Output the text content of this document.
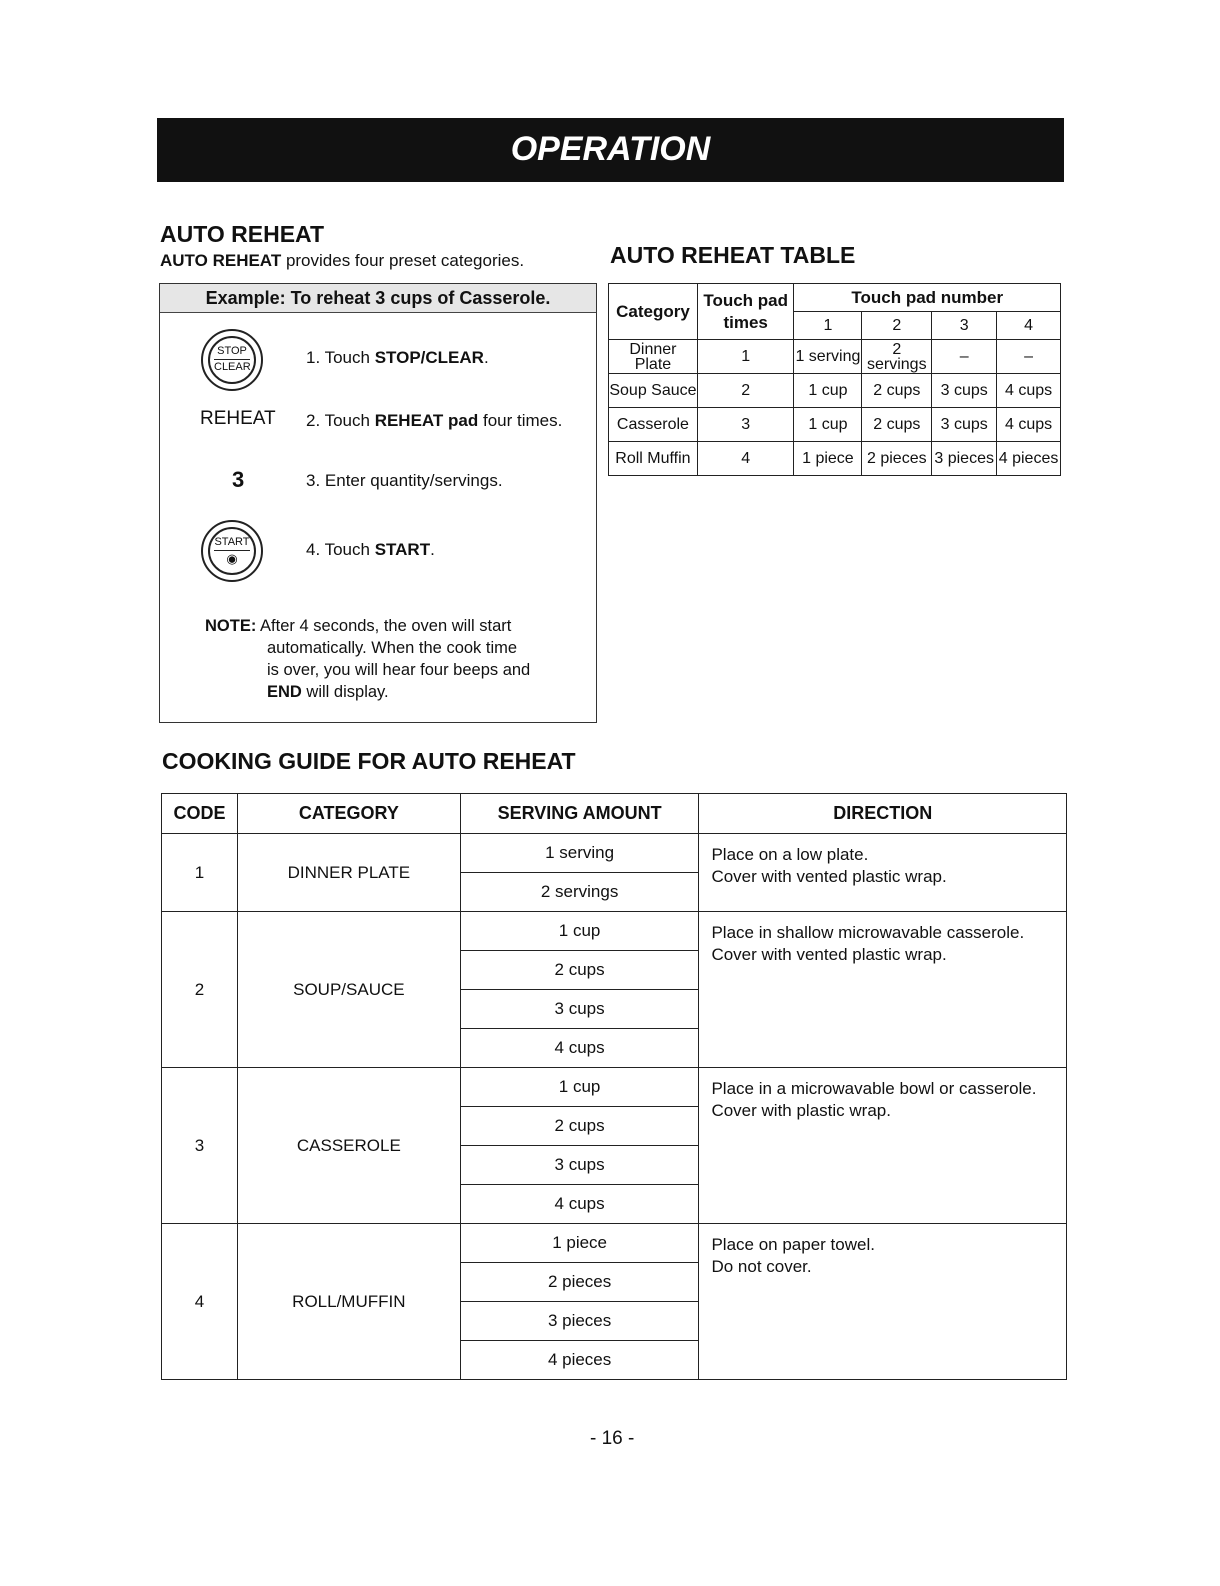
OPERATION
AUTO REHEAT
AUTO REHEAT provides four preset categories.
Example: To reheat 3 cups of Casserole.
STOP
CLEAR	1. Touch STOP/CLEAR.
REHEAT 2. Touch REHEAT pad four times.
3	3. Enter quantity/servings.
START
◉	4. Touch START.
NOTE: After 4 seconds, the oven will start
automatically. When the cook time
is over, you will hear four beeps and
END will display.
AUTO REHEAT TABLE
Category	Touch pad times	Touch pad number			
		1	2	3	4
Dinner Plate	1	1 serving	2 servings	–	–
Soup Sauce	2	1 cup	2 cups	3 cups	4 cups
Casserole	3	1 cup	2 cups	3 cups	4 cups
Roll Muffin	4	1 piece	2 pieces	3 pieces	4 pieces
COOKING GUIDE FOR AUTO REHEAT
CODE	CATEGORY	SERVING AMOUNT	DIRECTION
1	DINNER PLATE	1 serving	Place on a low plate.
Cover with vented plastic wrap.

		2 servings	
2	SOUP/SAUCE	1 cup	Place in shallow microwavable casserole.
Cover with vented plastic wrap.

		2 cups	
		3 cups	
		4 cups	
3	CASSEROLE	1 cup	Place in a microwavable bowl or casserole.
Cover with plastic wrap.

		2 cups	
		3 cups	
		4 cups	
4	ROLL/MUFFIN	1 piece	Place on paper towel.
Do not cover.

		2 pieces	
		3 pieces	
		4 pieces	
- 16 -
